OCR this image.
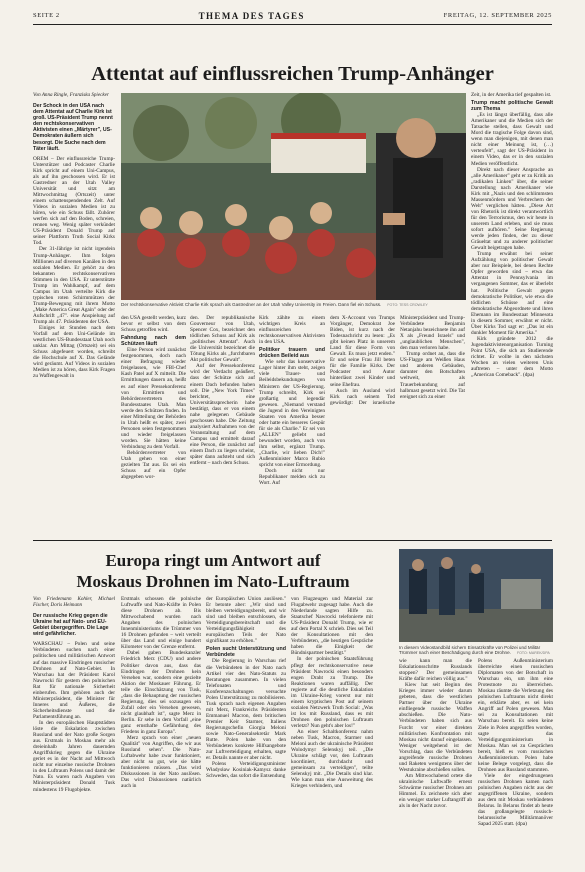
SEITE 2	THEMA DES TAGES	FREITAG, 12. SEPTEMBER 2025
Attentat auf einflussreichen Trump-Anhänger
Von Anna Ringle, Franziska Spiecker
Der Schock in den USA nach dem Attentat auf Charlie Kirk ist groß. US-Präsident Trump nennt den rechtskonservativen Aktivisten einen „Märtyrer", US-Demokraten äußern sich besorgt. Die Suche nach dem Täter läuft.

OREM – Der einflussreiche Trump-Unterstützer und Podcaster Charlie Kirk spricht auf einem Uni-Campus, als auf ihn geschossen wird. Er ist Gastredner an der Utah Valley Universität und sitzt am Mittwochmittag (Ortszeit) unter einem schattenspendenden Zelt. Auf Videos in sozialen Medien ist zu hören, wie ein Schuss fällt. Zuhörer werfen sich auf den Boden, schreien, rennen weg. Wenig später verkündet US-Präsident Donald Trump auf seiner Plattform Truth Social Kirks Tod.

Der 31-Jährige ist nicht irgendein Trump-Anhänger. Ihm folgen Millionen auf diversen Kanälen in den sozialen Medien. Er gehört zu den bekannten rechtskonservativen Stimmen in den USA. Er unterstützte Trump im Wahlkampf, auf dem Campus im Utah verteilte Kirk die typischen roten Schirmmützen der Trump-Bewegung mit ihrem Motto „Make America Great Again" oder der Aufschrift „47". eine Anspielung auf Trump als 47. Präsidenten der USA.

Einiges ist Stunden nach dem Vorfall auf dem Uni-Gelände im westlichen US-Bundesstaat Utah noch unklar. Am Mittag (Ortszeit) sei ein Schuss abgefeuert worden, schreibt die Hochschule auf X. Das Gelände wird geräumt. Auf Videos in sozialen Medien ist zu hören, dass Kirk Fragen zu Waffengewalt in

Der rechtskonservative Aktivist Charlie Kirk sprach als Gastredner an der Utah Valley University im Freien. Dann fiel ein Schuss. FOTO: TESS CROWLEY

den USA gestellt werden, kurz bevor er selbst von dem Schuss getroffen wird.

Fahndung nach dem Schützen läuft

Eine Person wird zunächst festgenommen, doch nach einer Befragung wieder freigelassen, wie FBI-Chef Kash Patel auf X mitteilt. Die Ermittlungen dauern an, heißt es auf einer Pressekonferenz von Ermittlern und Behördenvertretern des Bundesstaates Utah. Man werde den Schützen finden. In einer Mitteilung der Behörden in Utah heißt es später, zwei Personen seien festgenommen und wieder freigelassen worden. Sie hätten keine Verbindung zu dem Vorfall.

Behördenvertreter von Utah gehen von einer gezielten Tat aus. Es sei ein Schuss auf ein Opfer abgegeben wor-

den. Der republikanische Gouverneur von Utah, Spencer Cox, bezeichnet den tödlichen Schuss auf Kirk als „politisches Attentat". Auch die Universität bezeichnet die Tötung Kirks als „furchtbaren Akt politischer Gewalt".

Auf der Pressekonferenz wird der Verdacht geäußert, dass der Schütze sich auf einem Dach befunden haben soll. Die „New York Times" berichtet, eine Universitätssprecherin habe bestätigt, dass er von einem nahe gelegenen Gebäude geschossen habe. Die Zeitung analysiert Aufnahmen von der Veranstaltung auf dem Campus und ermittelt darauf eine Person, die zunächst auf einem Dach zu liegen scheint, später dann aufsteht und sich entfernt – nach dem Schuss.

Kirk zählte zu einem wichtigen Kreis an einflussreichen rechtskonservativen Aktivisten in den USA.

Politiker trauern und drücken Beileid aus

Wie sehr das konservative Lager hinter ihm steht, zeigen viele Trauer- und Beileidsbekundungen von Ministern der US-Regierung. Trump schreibt, Kirk sei großartig und legendär gewesen. „Niemand verstand die Jugend in den Vereinigten Staaten von Amerika besser oder hatte ein besseres Gespür für sie als Charlie." Er sei von „ALLEN" geliebt und bewundert worden, auch von ihm selbst, ergänzt Trump. „Charlie, wir lieben Dich!" Außenminister Marco Rubio spricht von einer Ermordung.

Doch nicht nur Republikaner melden sich zu Wort. Auf

dem X-Account von Trumps Vorgänger, Demokrat Joe Biden, ist kurz nach der Todesnachricht zu lesen: „Es gibt keinen Platz in unserem Land für diese Form von Gewalt. Es muss jetzt enden." Er und seine Frau Jill beten für die Familie Kirks. Der Podcaster und Autor hinterlässt zwei Kinder und seine Ehefrau.

Auch im Ausland wird Kirk nach seinem Tod gewürdigt: Der israelische Ministerpräsident und Trump-Verbündete Benjamin Netanjahu bezeichnete ihn auf X als „Freund Israels" und „unglaublichen Menschen", den man verloren habe.

Trump ordnet an, dass die US-Flagge am Weißen Haus und anderen Gebäuden, darunter den Botschaften weltweit, als Trauerbekundung auf halbmast gesetzt wird. Die Tat ereignet sich zu einer

Zeit, in der Amerika tief gespalten ist.

Trump macht politische Gewalt zum Thema

„Es ist längst überfällig, dass alle Amerikaner und die Medien sich der Tatsache stellen, dass Gewalt und Mord die tragische Folge davon sind, wenn man diejenigen, mit denen man nicht einer Meinung ist, (…) verteufelt", sagt der US-Präsident in einem Video, das er in den sozialen Medien veröffentlicht.

Direkt nach dieser Ansprache an „alle Amerikaner" geht er zu Kritik an „radikalen Linken" über, die seiner Darstellung nach Amerikaner wie Kirk mit „Nazis und den schlimmsten Massenmördern und Verbrechern der Welt" verglichen hätten. „Diese Art von Rhetorik ist direkt verantwortlich für den Terrorismus, den wir heute in unserem Land erleben, und sie muss sofort aufhören." Seine Regierung werde jeden finden, der zu dieser Gräueltat und zu anderer politischer Gewalt beigetragen habe.

Trump erwähnt bei seiner Aufzählung von politischer Gewalt aber nur Beispiele, bei denen Rechte Opfer geworden sind – etwa das Attentat in Pennsylvania im vergangenen Sommer, das er überlebt hat. Politische Gewalt gegen demokratische Politiker, wie etwa die tödlichen Schüsse auf eine demokratische Abgeordnete und ihren Ehemann im Bundesstaat Minnesota in diesem Sommer, erwähnt er nicht. Über Kirks Tod sagt er: „Das ist ein dunkler Moment für Amerika."

Kirk gründete 2012 die Jugendaktivistenorganisation Turning Point USA, die sich an Studierende richtet. Er wollte in den nächsten Wochen an vielen weiteren Unis auftreten – unter dem Motto „American Comeback". (dpa)

Europa ringt um Antwort auf
Moskaus Drohnen im Nato-Luftraum
In diesem Videostandbild sichern Einsatzkräfte von Polizei und Militär Trümmer nach einer Beschädigung durch eine Drohne. FOTO: MAREK/DPA
Von Friedemann Kohler, Michael Fischer, Doris Heimann
Der russische Krieg gegen die Ukraine hat auf Nato- und EU-Gebiet übergegriffen. Die Lage wird gefährlicher.

WARSCHAU – Polen und seine Verbündeten suchen nach einer politischen und militärischen Antwort auf das massive Eindringen russischer Drohnen auf Nato-Gebiet. In Warschau hat der Präsident Karol Nawrocki für gestern den polnischen Rat für nationale Sicherheit einberufen. Ihm gehören auch der Ministerpräsident, die Minister für Inneres und Äußeres, die Sicherheitsdienste und die Parlamentsführung an.

In den europäischen Hauptstädten löste die Eskalation zwischen Russland und der Nato große Sorgen aus. Erstmals in Moskau mehr als dreieinhalb Jahren dauernden Angriffskrieg gegen die Ukraine geriet es in der Nacht auf Mittwoch nicht nur einzelne russische Drohnen in den Luftraum Polens und damit der Nato. Es waren nach Angaben von Ministerpräsident Donald Tusk mindestens 19 Flugobjekte.

Erstmals schossen die polnische Luftwaffe und Nato-Kräfte in Polen diese Drohnen ab. Bis Mittwochabend wurden nach Angaben des polnischen Innenministeriums die Trümmer von 16 Drohnen gefunden – weit verteilt über das Land und einige hundert Kilometer von der Grenze entfernt.

Dabei gaben Bundeskanzler Friedrich Merz (CDU) und andere Politiker davon aus, dass das Eindringen der Drohnen kein Versehen war, sondern eine gezielte Aktion der Moskauer Führung. Er teile die Einschätzung von Tusk, „dass die Behauptung der russischen Regierung, dies sei sozusagen ein Zufall oder ein Versehen gewesen, nicht glaubhaft ist", sagte Merz in Berlin. Er sehe in dem Vorfall „eine ganz ernsthafte Gefährdung des Friedens in ganz Europa".

Merz sprach von einer „neuen Qualität" von Angriffen, die wir aus Russland sehen". Die Nato-Luftabwehr habe zwar funktioniert, aber nicht so gut, wie sie hätte funktionieren müssen. „Das wird Diskussionen in der Nato auslösen. Das wird Diskussionen natürlich auch in

der Europäischen Union auslösen." Er betonte aber: „Wir sind und bleiben verteidigungsbereit, und wir sind und bleiben entschlossen, die Verteidigungsbereitschaft und die Verteidigungsfähigkeit des europäischen Teils der Nato signifikant zu erhöhen."

Polen sucht Unterstützung und Verbündete

Die Regierung in Warschau rief die Verbündeten in der Nato nach Artikel vier des Nato-Statuts zu Beratungen zusammen. In vielen Telefonaten und Konferenzschaltungen versuchte Polen Unterstützung zu mobilisieren. Tusk sprach nach eigenen Angaben mit Merz, Frankreichs Präsidenten Emmanuel Macron, dem britischen Premier Keir Starmer, Italiens Regierungschefin Giorgia Meloni sowie Nato-Generalsekretär Mark Rutte. Polen habe von den Verbündeten konkrete Hilfsangebote zur Luftverteidigung erhalten, sagte er. Details nannte er aber nicht.

Polens Verteidigungsminister Władysław Kosiniak-Kamysz danke Schweden, das sofort die Entsendung

von Flugzeugen und Material zur Flugabwehr zugesagt habe. Auch die Niederlande sagten Hilfe zu. Staatschef Nawrocki telefonierte mit US-Präsident Donald Trump, wie er auf dem Portal X schrieb. Dies sei Teil der Konsultationen mit den Verbündeten, „die heutigen Gespräche haben die Einigkeit der Bündnispartner bestätigt."

In der polnischen Staatsführung pflegt der rechtskonservative neue Präsident Nawrocki einen besonders engen Draht zu Trump. Die Reaktionen waren auffällig. Der regierte auf die deutliche Eskalation im Ukraine-Krieg vorerst nur mit einem kryptischen Post auf seinem sozialen Netzwerk Truth Social: „Was ist los mit Russland, dass es mit Drohnen den polnischen Luftraum verletzt? Nun geht's aber los!"

An einer Schaltkonferenz nahm neben Tusk, Macron, Starmer und Meloni auch der ukrainische Präsident Wolodymyr Selenskyj teil. „Die Ukraine schlägt vor, den Luftraum koordiniert, durchdacht und gemeinsam zu verteidigen", teilte Selenskyj mit. „Die Details sind klar. Wie kann man eine Ausweitung des Krieges verhindern, und

wie kann man die Eskalationsschritte Russlands stoppen? Der gemeinsamen Kräfte dafür reichen völlig aus."

Kiew hat seit Beginn des Krieges immer wieder darum gebeten, dass die westlichen Partner über der Ukraine einfliegende russische Waffen abschießen. Die Nato-Verbündeten haben sich aus Furcht vor einer direkten militärischen Konfrontation mit Moskau nicht darauf eingelassen. Weniger weitgehend ist der Vorschlag, dass die Verbündeten angreifende russische Drohnen und Raketen wenigstens über der Westukraine abschießen sollen.

Am Mittwochabend ortete die ukrainische Luftwaffe erneut Schwärme russischer Drohnen am Himmel. Es zeichnete sich aber ein weniger starker Luftangriff ab als in der Nacht zuvor.

Polens Außenministerium überreichte einen russischen Diplomaten von der Botschaft in Warschau ein, um ihm eine Protestnote zu überreichen. Moskau räumte die Verletzung des polnischen Luftraums nicht direkt ein, erklärte aber, es sei kein Angriff auf Polen gewesen. Man sei zu Konsultationen mit Warschau bereit. Es seien keine Ziele in Polen angegriffen worden, sagte das Verteidigungsministerium in Moskau. Man sei zu Gesprächen bereit, hieß es vom russischen Außenministerium. Polen habe keine Belege vorgelegt, dass die Drohnen aus Russland stammten.

Viele der eingedrungenen russischen Drohnen kamen nach polnischen Angaben nicht aus der angegriffenen Ukraine, sondern aus dem mit Moskau verbündeten Belarus. In Belarus findet ab heute das großangelegte russisch-belarussische Militärmanöver Sapad 2025 statt. (dpa)
